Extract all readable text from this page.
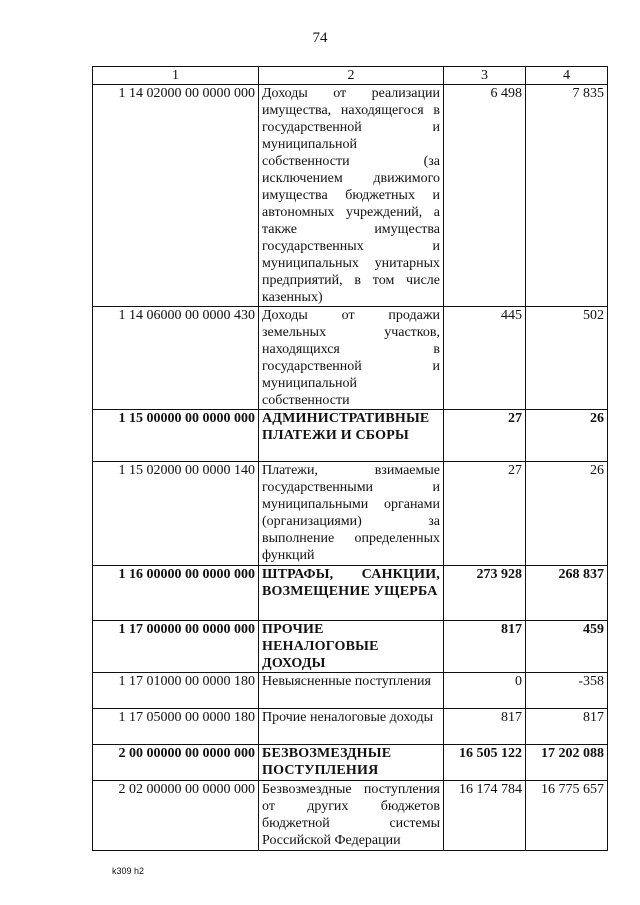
74
1	2	3	4
1 14 02000 00 0000 000	Доходы от реализации имущества, находящегося в государственной и муниципальной собственности (за исключением движимого имущества бюджетных и автономных учреждений, а также имущества государственных и муниципальных унитарных предприятий, в том числе казенных)	6 498	7 835
1 14 06000 00 0000 430	Доходы от продажи земельных участков, находящихся в государственной и муниципальной собственности	445	502
1 15 00000 00 0000 000	АДМИНИСТРАТИВНЫЕ ПЛАТЕЖИ И СБОРЫ	27	26
1 15 02000 00 0000 140	Платежи, взимаемые государственными и муниципальными органами (организациями) за выполнение определенных функций	27	26
1 16 00000 00 0000 000	ШТРАФЫ, САНКЦИИ, ВОЗМЕЩЕНИЕ УЩЕРБА	273 928	268 837
1 17 00000 00 0000 000	ПРОЧИЕ НЕНАЛОГОВЫЕ ДОХОДЫ	817	459
1 17 01000 00 0000 180	Невыясненные поступления	0	-358
1 17 05000 00 0000 180	Прочие неналоговые доходы	817	817
2 00 00000 00 0000 000	БЕЗВОЗМЕЗДНЫЕ ПОСТУПЛЕНИЯ	16 505 122	17 202 088
2 02 00000 00 0000 000	Безвозмездные поступления от других бюджетов бюджетной системы Российской Федерации	16 174 784	16 775 657
k309 h2
